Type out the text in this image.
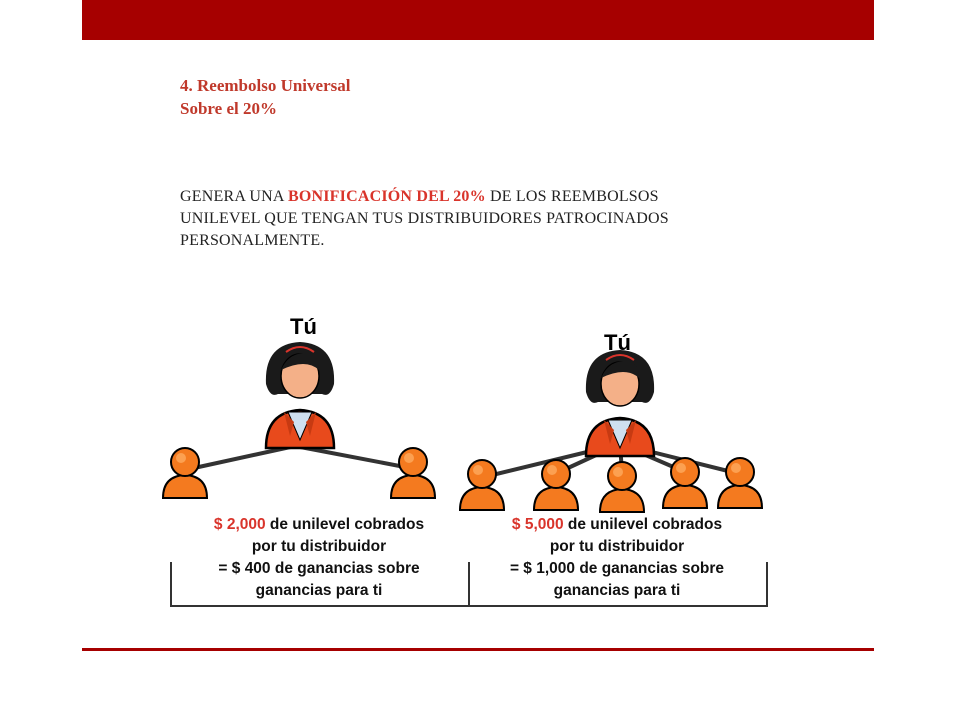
4. Reembolso Universal
Sobre el 20%
GENERA UNA BONIFICACIÓN DEL 20% DE LOS REEMBOLSOS UNILEVEL QUE TENGAN TUS DISTRIBUIDORES PATROCINADOS PERSONALMENTE.
Tú
Tú
$ 2,000 de unilevel cobrados
por tu distribuidor
= $ 400 de ganancias sobre
ganancias para ti
$ 5,000 de unilevel cobrados
por tu distribuidor
= $ 1,000 de ganancias sobre
ganancias para ti
